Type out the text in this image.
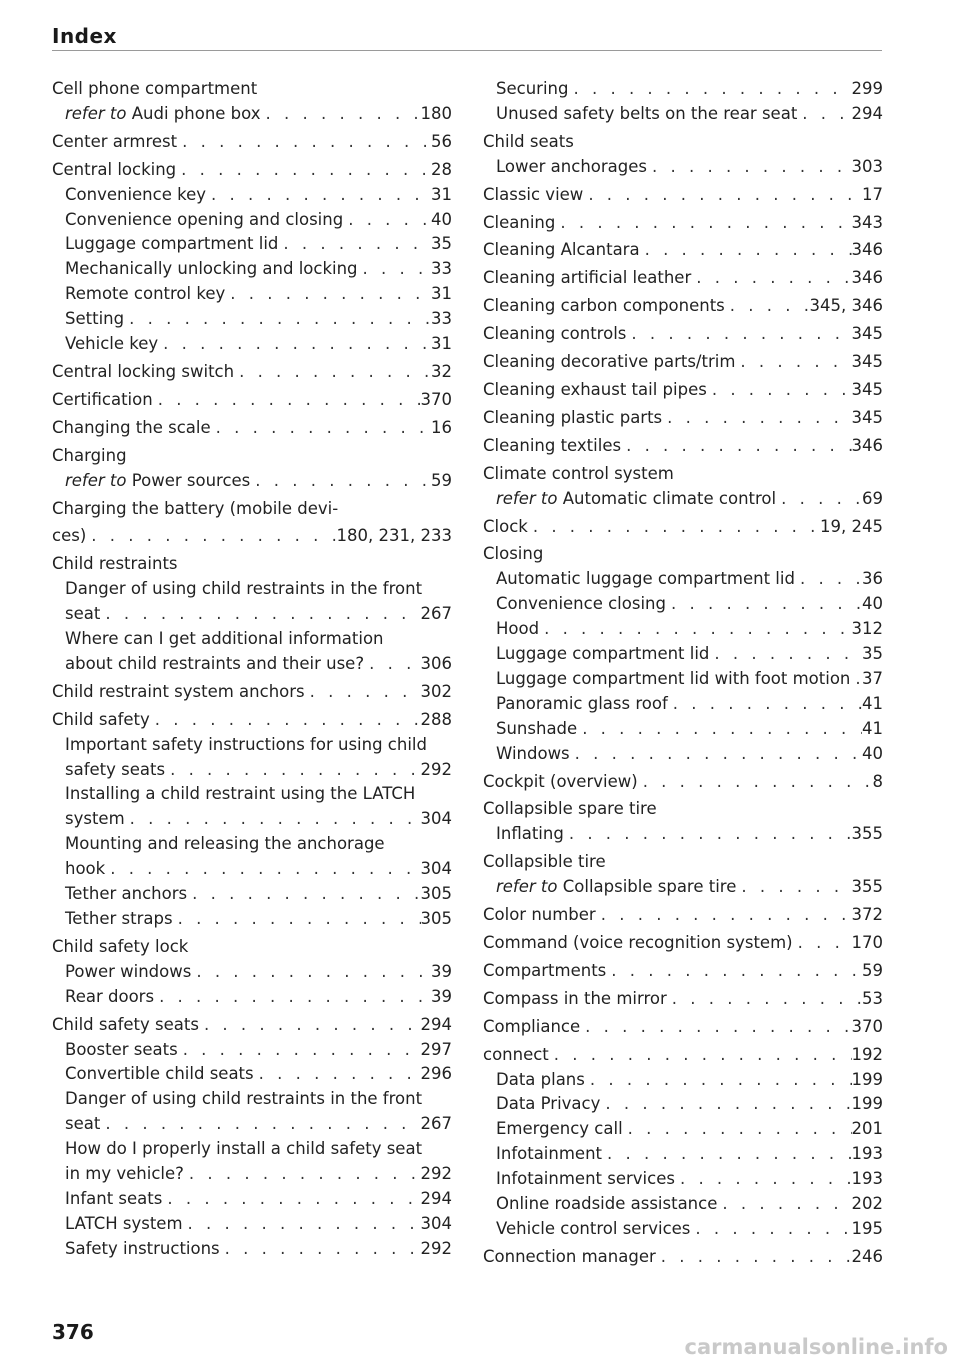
Index
Cell phone compartment
refer to Audi phone box . . .	180
Center armrest . . .	56
Central locking . . .	28
Convenience key . . .	31
Convenience opening and closing . . .	40
Luggage compartment lid . . .	35
Mechanically unlocking and locking . . .	33
Remote control key . . .	31
Setting . . .	33
Vehicle key . . .	31
Central locking switch . . .	32
Certification . . .	370
Changing the scale . . .	16
Charging
refer to Power sources . . .	59
Charging the battery (mobile devi-
ces) . . .	180, 231, 233
Child restraints
Danger of using child restraints in the front
seat . . .	267
Where can I get additional information
about child restraints and their use? . . .	306
Child restraint system anchors . . .	302
Child safety . . .	288
Important safety instructions for using child
safety seats . . .	292
Installing a child restraint using the LATCH
system . . .	304
Mounting and releasing the anchorage
hook . . .	304
Tether anchors . . .	305
Tether straps . . .	305
Child safety lock
Power windows . . .	39
Rear doors . . .	39
Child safety seats . . .	294
Booster seats . . .	297
Convertible child seats . . .	296
Danger of using child restraints in the front
seat . . .	267
How do I properly install a child safety seat
in my vehicle? . . .	292
Infant seats . . .	294
LATCH system . . .	304
Safety instructions . . .	292
Securing . . .	299
Unused safety belts on the rear seat . . .	294
Child seats
Lower anchorages . . .	303
Classic view . . .	17
Cleaning . . .	343
Cleaning Alcantara . . .	346
Cleaning artificial leather . . .	346
Cleaning carbon components . . .	345, 346
Cleaning controls . . .	345
Cleaning decorative parts/trim . . .	345
Cleaning exhaust tail pipes . . .	345
Cleaning plastic parts . . .	345
Cleaning textiles . . .	346
Climate control system
refer to Automatic climate control . . .	69
Clock . . .	19, 245
Closing
Automatic luggage compartment lid . . .	36
Convenience closing . . .	40
Hood . . .	312
Luggage compartment lid . . .	35
Luggage compartment lid with foot motion . . . 37
Panoramic glass roof . . .	41
Sunshade . . .	41
Windows . . .	40
Cockpit (overview) . . .	8
Collapsible spare tire
Inflating . . .	355
Collapsible tire
refer to Collapsible spare tire . . .	355
Color number . . .	372
Command (voice recognition system) . . .	170
Compartments . . .	59
Compass in the mirror . . .	53
Compliance . . .	370
connect . . .	192
Data plans . . .	199
Data Privacy . . .	199
Emergency call . . .	201
Infotainment . . .	193
Infotainment services . . .	193
Online roadside assistance . . .	202
Vehicle control services . . .	195
Connection manager . . .	246
376
carmanualsonline.info
